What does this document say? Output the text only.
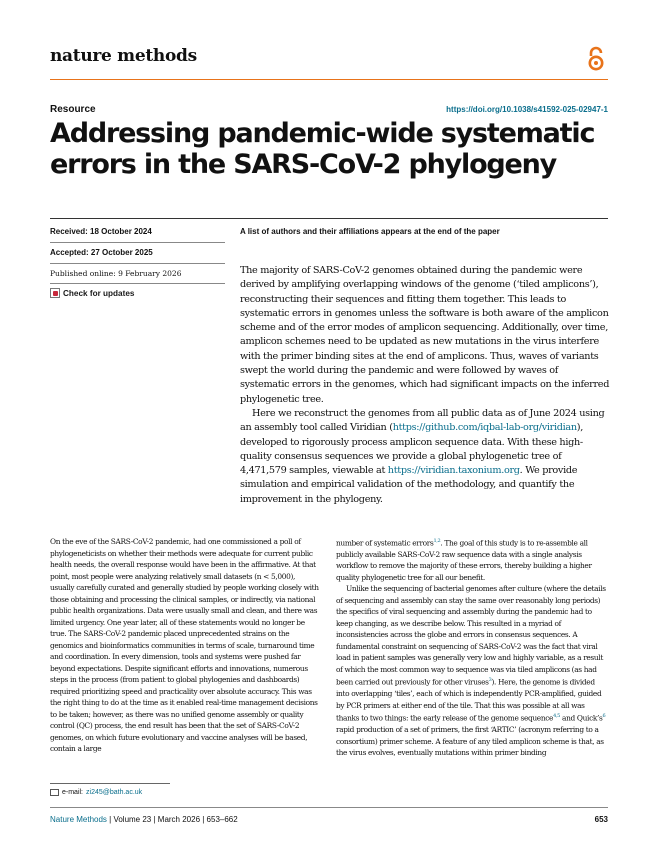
nature methods
Resource	https://doi.org/10.1038/s41592-025-02947-1
Addressing pandemic-wide systematic errors in the SARS-CoV-2 phylogeny
Received: 18 October 2024
Accepted: 27 October 2025
Published online: 9 February 2026
Check for updates
A list of authors and their affiliations appears at the end of the paper

The majority of SARS-CoV-2 genomes obtained during the pandemic were derived by amplifying overlapping windows of the genome (‘tiled amplicons’), reconstructing their sequences and fitting them together. This leads to systematic errors in genomes unless the software is both aware of the amplicon scheme and of the error modes of amplicon sequencing. Additionally, over time, amplicon schemes need to be updated as new mutations in the virus interfere with the primer binding sites at the end of amplicons. Thus, waves of variants swept the world during the pandemic and were followed by waves of systematic errors in the genomes, which had significant impacts on the inferred phylogenetic tree.

Here we reconstruct the genomes from all public data as of June 2024 using an assembly tool called Viridian (https://github.com/iqbal-lab-org/viridian), developed to rigorously process amplicon sequence data. With these high-quality consensus sequences we provide a global phylogenetic tree of 4,471,579 samples, viewable at https://viridian.taxonium.org. We provide simulation and empirical validation of the methodology, and quantify the improvement in the phylogeny.

On the eve of the SARS-CoV-2 pandemic, had one commissioned a poll of phylogeneticists on whether their methods were adequate for current public health needs, the overall response would have been in the affirmative. At that point, most people were analyzing relatively small datasets (n < 5,000), usually carefully curated and generally studied by people working closely with those obtaining and processing the clinical samples, or indirectly, via national public health organizations. Data were usually small and clean, and there was limited urgency. One year later, all of these statements would no longer be true. The SARS-CoV-2 pandemic placed unprecedented strains on the genomics and bioinformatics communities in terms of scale, turnaround time and coordination. In every dimension, tools and systems were pushed far beyond expectations. Despite significant efforts and innovations, numerous steps in the process (from patient to global phylogenies and dashboards) required prioritizing speed and practicality over absolute accuracy. This was the right thing to do at the time as it enabled real-time management decisions to be taken; however, as there was no unified genome assembly or quality control (QC) process, the end result has been that the set of SARS-CoV-2 genomes, on which future evolutionary and vaccine analyses will be based, contain a large

number of systematic errors$^{1,2}$. The goal of this study is to re-assemble all publicly available SARS-CoV-2 raw sequence data with a single analysis workflow to remove the majority of these errors, thereby building a higher quality phylogenetic tree for all our benefit.

Unlike the sequencing of bacterial genomes after culture (where the details of sequencing and assembly can stay the same over reasonably long periods) the specifics of viral sequencing and assembly during the pandemic had to keep changing, as we describe below. This resulted in a myriad of inconsistencies across the globe and errors in consensus sequences. A fundamental constraint on sequencing of SARS-CoV-2 was the fact that viral load in patient samples was generally very low and highly variable, as a result of which the most common way to sequence was via tiled amplicons (as had been carried out previously for other viruses$^3$). Here, the genome is divided into overlapping ‘tiles’, each of which is independently PCR-amplified, guided by PCR primers at either end of the tile. That this was possible at all was thanks to two things: the early release of the genome sequence$^{4,5}$ and $Quick’s^6$ rapid production of a set of primers, the first ‘ARTIC’ (acronym referring to a consortium) primer scheme. A feature of any tiled amplicon scheme is that, as the virus evolves, eventually mutations within primer binding

e-mail: zi245@bath.ac.uk
Nature Methods | Volume 23 | March 2026 | 653–662	653
